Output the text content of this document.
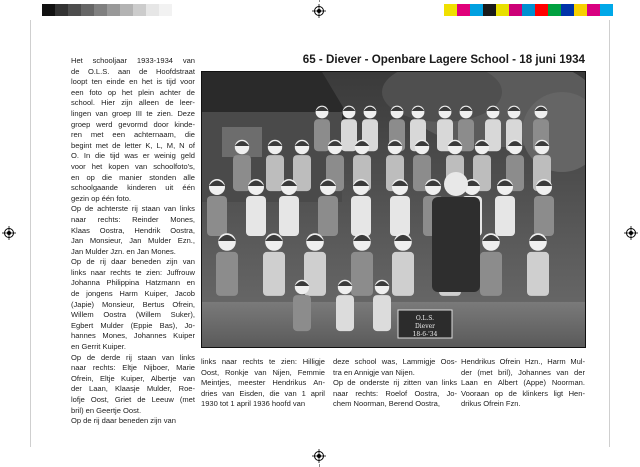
65 - Diever - Openbare Lagere School - 18 juni 1934
O.L.S.
Diever
18-6-'34
Het schooljaar 1933-1934 van
de O.L.S. aan de Hoofdstraat
loopt ten einde en het is tijd voor
een foto op het plein achter de
school. Hier zijn alleen de leer-
lingen van groep III te zien. Deze
groep werd gevormd door kinde-
ren met een achternaam, die
begint met de letter K, L, M, N of
O. In die tijd was er weinig geld
voor het kopen van schoolfoto's,
en op die manier stonden alle
schoolgaande kinderen uit één
gezin op één foto.
Op de achterste rij staan van links
naar rechts: Reinder Mones,
Klaas Oostra, Hendrik Oostra,
Jan Monsieur, Jan Mulder Ezn.,
Jan Mulder Jzn. en Jan Mones.
Op de rij daar beneden zijn van
links naar rechts te zien: Juffrouw
Johanna Philippina Hatzmann en
de jongens Harm Kuiper, Jacob
(Japie) Monsieur, Bertus Ofrein,
Willem Oostra (Willem Suker),
Egbert Mulder (Eppie Bas), Jo-
hannes Mones, Johannes Kuiper
en Gerrit Kuiper.
Op de derde rij staan van links
naar rechts: Eltje Nijboer, Marie
Ofrein, Eltje Kuiper, Albertje van
der Laan, Klaasje Mulder, Roe-
lofje Oost, Griet de Leeuw (met
bril) en Geertje Oost.
Op de rij daar beneden zijn van
links naar rechts te zien: Hilligje
Oost, Ronkje van Nijen, Femmie
Meintjes, meester Hendrikus An-
dries van Eisden, die van 1 april
1930 tot 1 april 1936 hoofd van
deze school was, Lammigje Oos-
tra en Annigje van Nijen.
Op de onderste rij zitten van links
naar rechts: Roelof Oostra, Jo-
chem Noorman, Berend Oostra,
Hendrikus Ofrein Hzn., Harm Mul-
der (met bril), Johannes van der
Laan en Albert (Appe) Noorman.
Vooraan op de klinkers ligt Hen-
drikus Ofrein Fzn.
